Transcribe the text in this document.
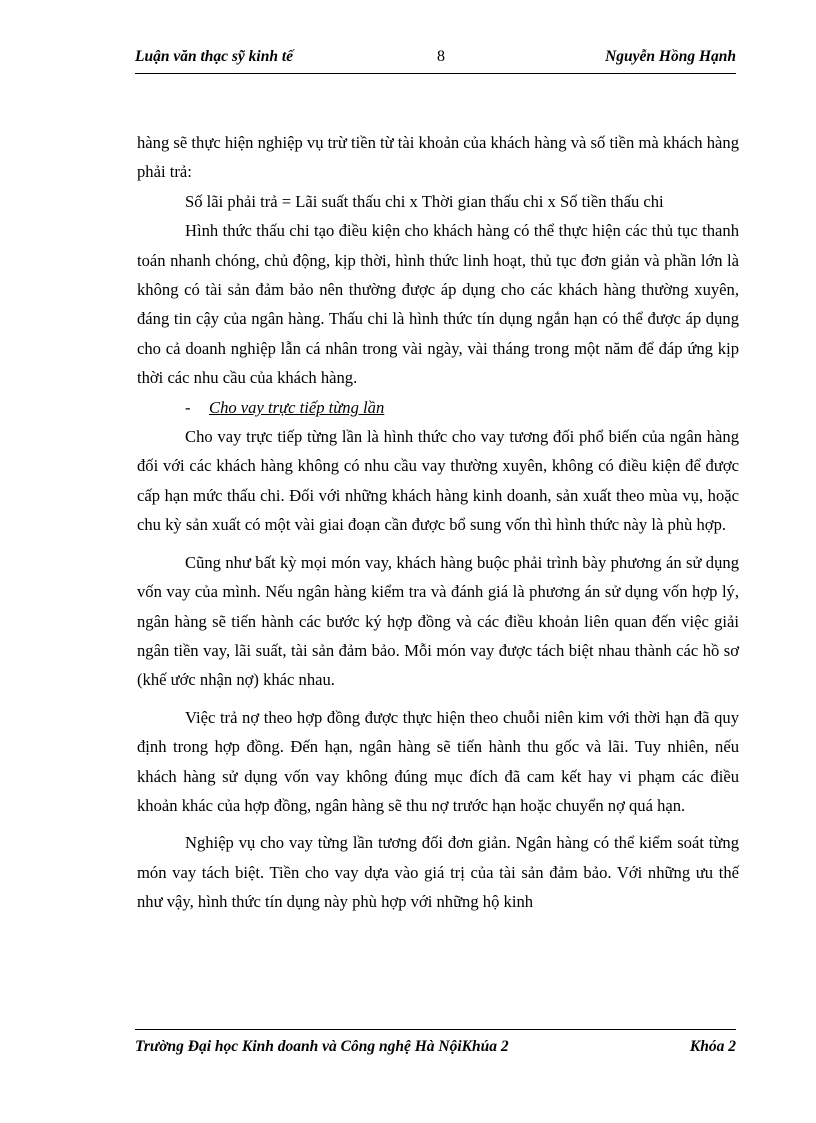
Luận văn thạc sỹ kinh tế	8	Nguyễn Hồng Hạnh

hàng sẽ thực hiện nghiệp vụ trừ tiền từ tài khoản của khách hàng và số tiền mà khách hàng phải trả:

Số lãi phải trả = Lãi suất thấu chi x Thời gian thấu chi x Số tiền thấu chi

Hình thức thấu chi tạo điều kiện cho khách hàng có thể thực hiện các thủ tục thanh toán nhanh chóng, chủ động, kịp thời, hình thức linh hoạt, thủ tục đơn giản và phần lớn là không có tài sản đảm bảo nên thường được áp dụng cho các khách hàng thường xuyên, đáng tin cậy của ngân hàng. Thấu chi là hình thức tín dụng ngắn hạn có thể được áp dụng cho cả doanh nghiệp lẫn cá nhân trong vài ngày, vài tháng trong một năm để đáp ứng kịp thời các nhu cầu của khách hàng.

- Cho vay trực tiếp từng lần

Cho vay trực tiếp từng lần là hình thức cho vay tương đối phổ biến của ngân hàng đối với các khách hàng không có nhu cầu vay thường xuyên, không có điều kiện để được cấp hạn mức thấu chi. Đối với những khách hàng kinh doanh, sản xuất theo mùa vụ, hoặc chu kỳ sản xuất có một vài giai đoạn cần được bổ sung vốn thì hình thức này là phù hợp.

Cũng như bất kỳ mọi món vay, khách hàng buộc phải trình bày phương án sử dụng vốn vay của mình. Nếu ngân hàng kiểm tra và đánh giá là phương án sử dụng vốn hợp lý, ngân hàng sẽ tiến hành các bước ký hợp đồng và các điều khoản liên quan đến việc giải ngân tiền vay, lãi suất, tài sản đảm bảo. Mỗi món vay được tách biệt nhau thành các hồ sơ (khế ước nhận nợ) khác nhau.

Việc trả nợ theo hợp đồng được thực hiện theo chuỗi niên kim với thời hạn đã quy định trong hợp đồng. Đến hạn, ngân hàng sẽ tiến hành thu gốc và lãi. Tuy nhiên, nếu khách hàng sử dụng vốn vay không đúng mục đích đã cam kết hay vi phạm các điều khoản khác của hợp đồng, ngân hàng sẽ thu nợ trước hạn hoặc chuyển nợ quá hạn.

Nghiệp vụ cho vay từng lần tương đối đơn giản. Ngân hàng có thể kiểm soát từng món vay tách biệt. Tiền cho vay dựa vào giá trị của tài sản đảm bảo. Với những ưu thế như vậy, hình thức tín dụng này phù hợp với những hộ kinh

Trường Đại học Kinh doanh và Công nghệ Hà NộiKhúa 2	Khóa 2
